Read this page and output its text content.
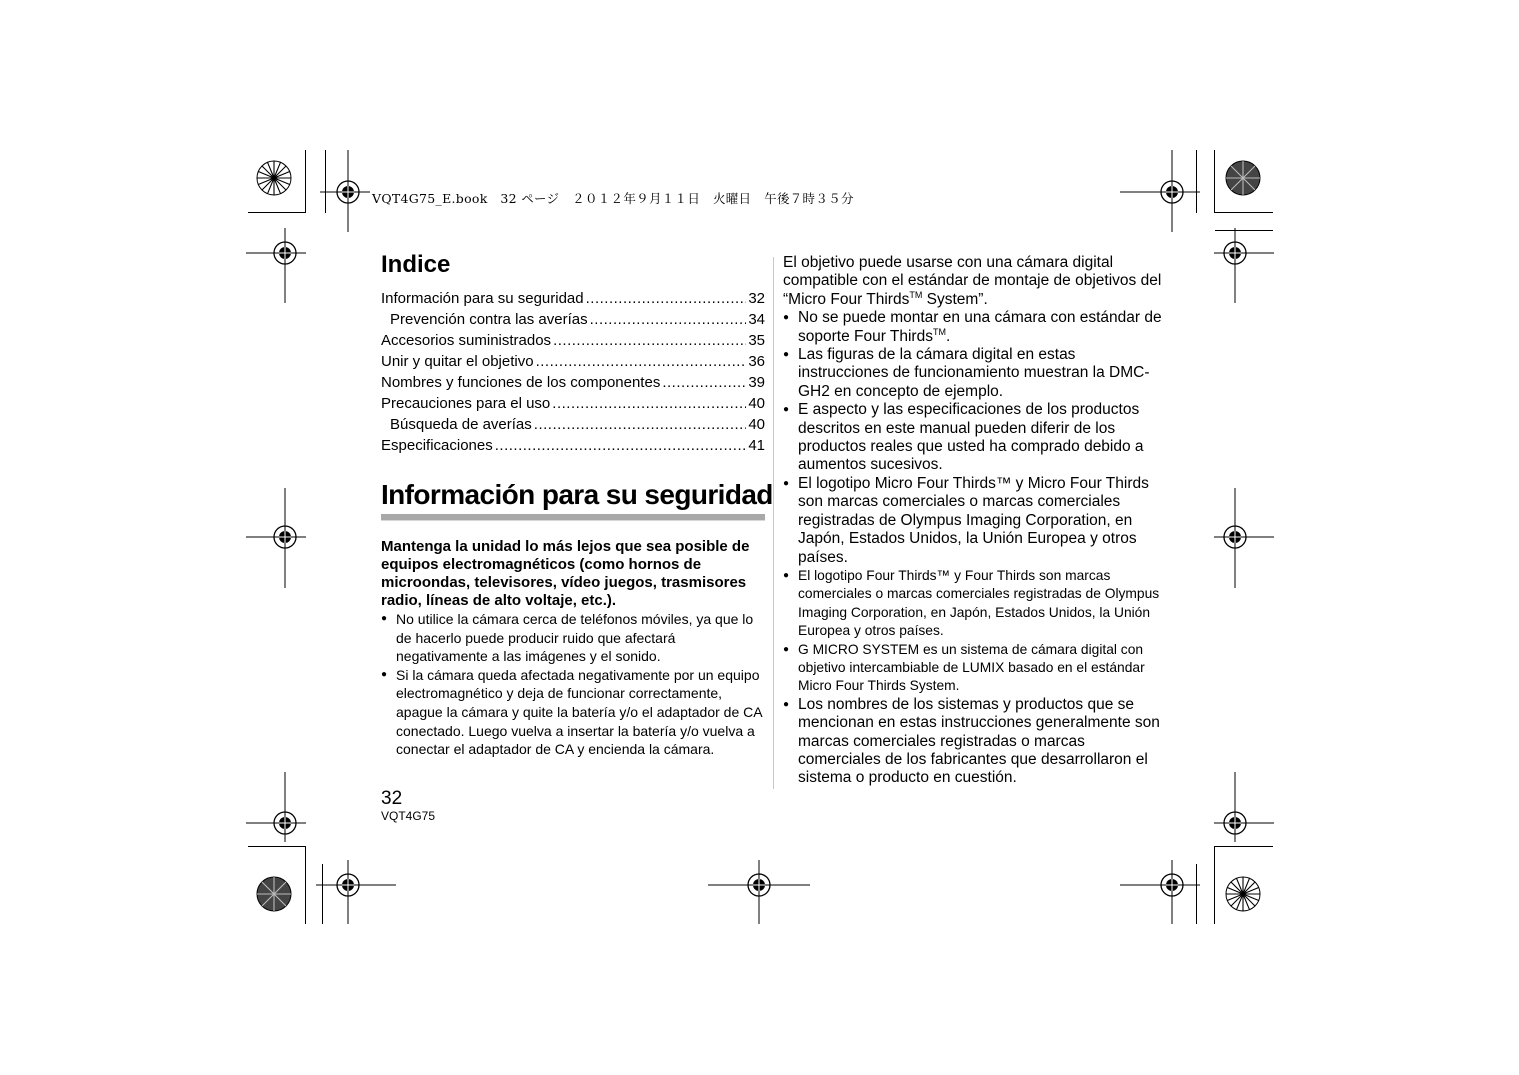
VQT4G75_E.book　32 ページ　２０１２年９月１１日　火曜日　午後７時３５分
Indice
Información para su seguridad .....	32
Prevención contra las averías .....	34
Accesorios suministrados .....	35
Unir y quitar el objetivo .....	36
Nombres y funciones de los componentes .....	39
Precauciones para el uso .....	40
Búsqueda de averías .....	40
Especificaciones .....	41
Información para su seguridad
Mantenga la unidad lo más lejos que sea posible de equipos electromagnéticos (como hornos de microondas, televisores, vídeo juegos, trasmisores radio, líneas de alto voltaje, etc.).
● No utilice la cámara cerca de teléfonos móviles, ya que lo de hacerlo puede producir ruido que afectará negativamente a las imágenes y el sonido.
● Si la cámara queda afectada negativamente por un equipo electromagnético y deja de funcionar correctamente, apague la cámara y quite la batería y/o el adaptador de CA conectado. Luego vuelva a insertar la batería y/o vuelva a conectar el adaptador de CA y encienda la cámara.

El objetivo puede usarse con una cámara digital compatible con el estándar de montaje de objetivos del “Micro Four Thirds™ System”.

● No se puede montar en una cámara con estándar de soporte Four Thirds™.
● Las figuras de la cámara digital en estas instrucciones de funcionamiento muestran la DMC-GH2 en concepto de ejemplo.
● E aspecto y las especificaciones de los productos descritos en este manual pueden diferir de los productos reales que usted ha comprado debido a aumentos sucesivos.
● El logotipo Micro Four Thirds™ y Micro Four Thirds son marcas comerciales o marcas comerciales registradas de Olympus Imaging Corporation, en Japón, Estados Unidos, la Unión Europea y otros países.
● El logotipo Four Thirds™ y Four Thirds son marcas comerciales o marcas comerciales registradas de Olympus Imaging Corporation, en Japón, Estados Unidos, la Unión Europea y otros países.
● G MICRO SYSTEM es un sistema de cámara digital con objetivo intercambiable de LUMIX basado en el estándar Micro Four Thirds System.
● Los nombres de los sistemas y productos que se mencionan en estas instrucciones generalmente son marcas comerciales registradas o marcas comerciales de los fabricantes que desarrollaron el sistema o producto en cuestión.
32
VQT4G75
